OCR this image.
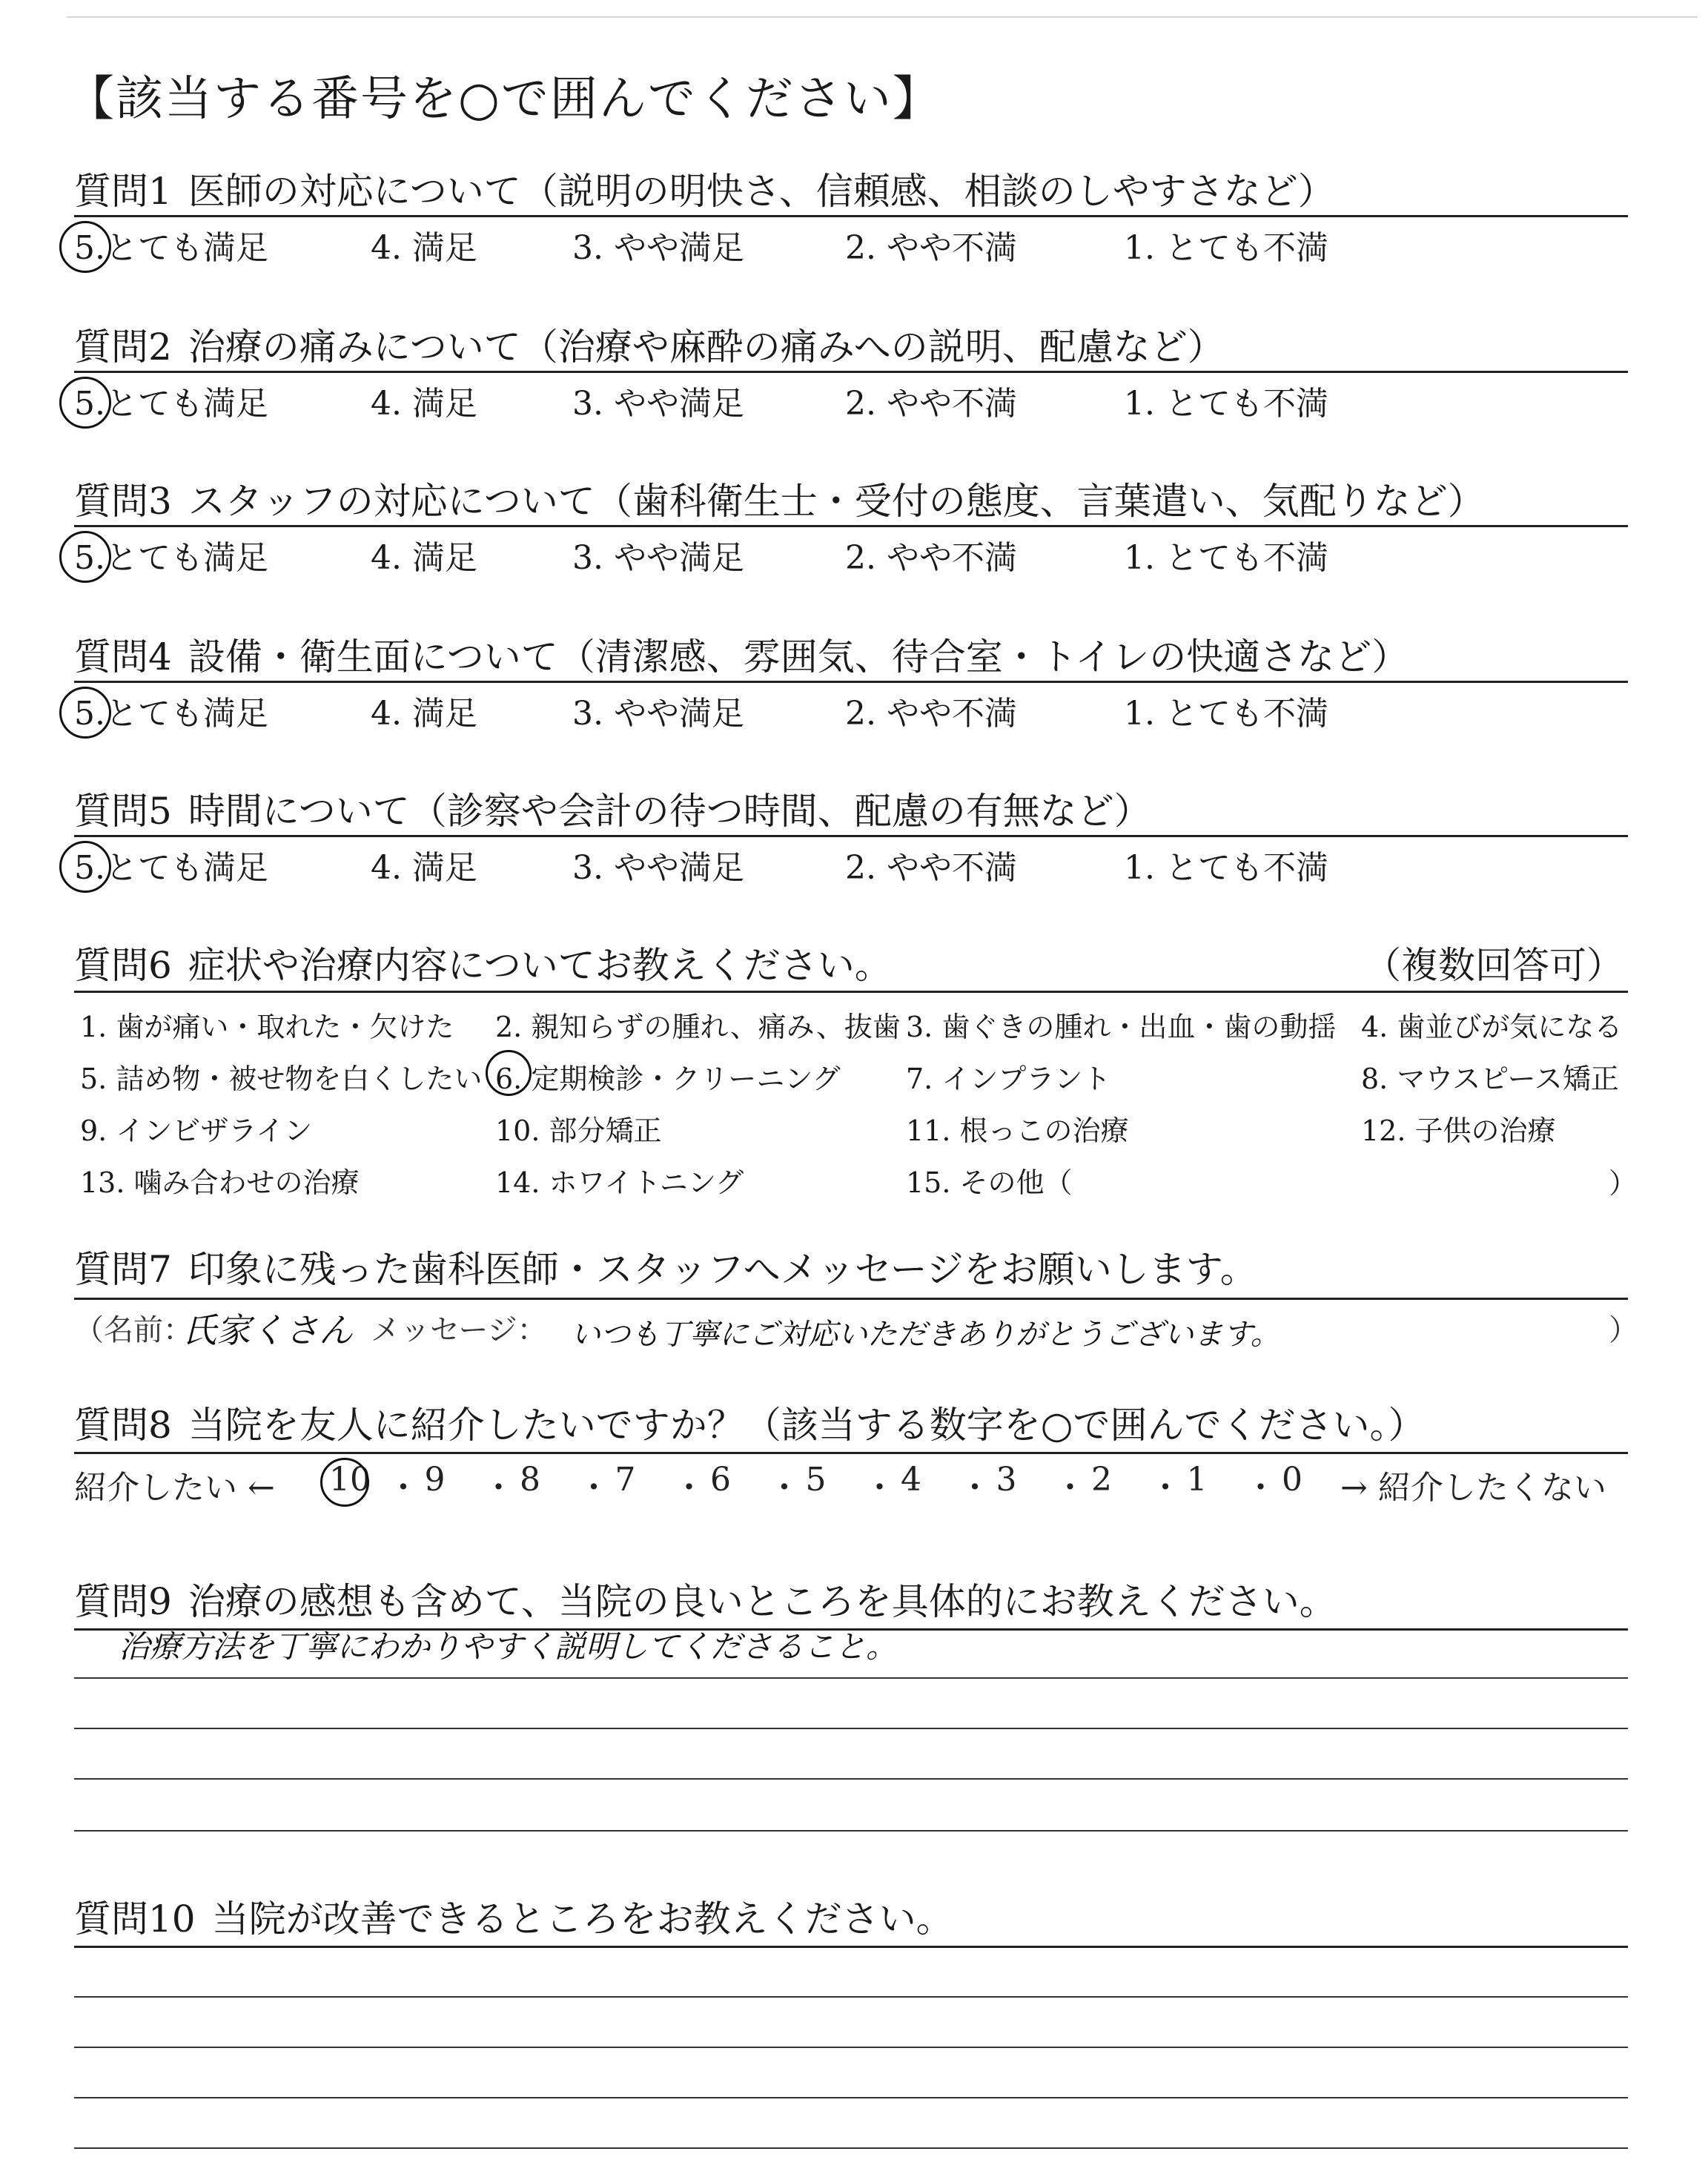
【該当する番号を○で囲んでください】
質問1 医師の対応について（説明の明快さ、信頼感、相談のしやすさなど）
5.とても満足	4. 満足	3. やや満足	2. やや不満	1. とても不満
質問2 治療の痛みについて（治療や麻酔の痛みへの説明、配慮など）
5.とても満足	4. 満足	3. やや満足	2. やや不満	1. とても不満
質問3 スタッフの対応について（歯科衛生士・受付の態度、言葉遣い、気配りなど）
5.とても満足	4. 満足	3. やや満足	2. やや不満	1. とても不満
質問4 設備・衛生面について（清潔感、雰囲気、待合室・トイレの快適さなど）
5.とても満足	4. 満足	3. やや満足	2. やや不満	1. とても不満
質問5 時間について（診察や会計の待つ時間、配慮の有無など）
5.とても満足	4. 満足	3. やや満足	2. やや不満	1. とても不満
質問6 症状や治療内容についてお教えください。	（複数回答可）
1. 歯が痛い・取れた・欠けた 2. 親知らずの腫れ、痛み、抜歯 3. 歯ぐきの腫れ・出血・歯の動揺 4. 歯並びが気になる
5. 詰め物・被せ物を白くしたい 6. 定期検診・クリーニング 7. インプラント	8. マウスピース矯正
9. インビザライン	10. 部分矯正	11. 根っこの治療	12. 子供の治療
13. 噛み合わせの治療	14. ホワイトニング	15. その他（	）
質問7 印象に残った歯科医師・スタッフへメッセージをお願いします。
（名前：
氏家くさん メッセージ： いつも丁寧にご対応いただきありがとうございます。	）
質問8 当院を友人に紹介したいですか？（該当する数字を○で囲んでください。）
紹介したい ← 10 ・ 9 ・ 8 ・ 7 ・ 6 ・ 5 ・ 4 ・ 3 ・ 2 ・ 1 ・ 0 → 紹介したくない
質問9 治療の感想も含めて、当院の良いところを具体的にお教えください。
治療方法を丁寧にわかりやすく説明してくださること。
質問10 当院が改善できるところをお教えください。
